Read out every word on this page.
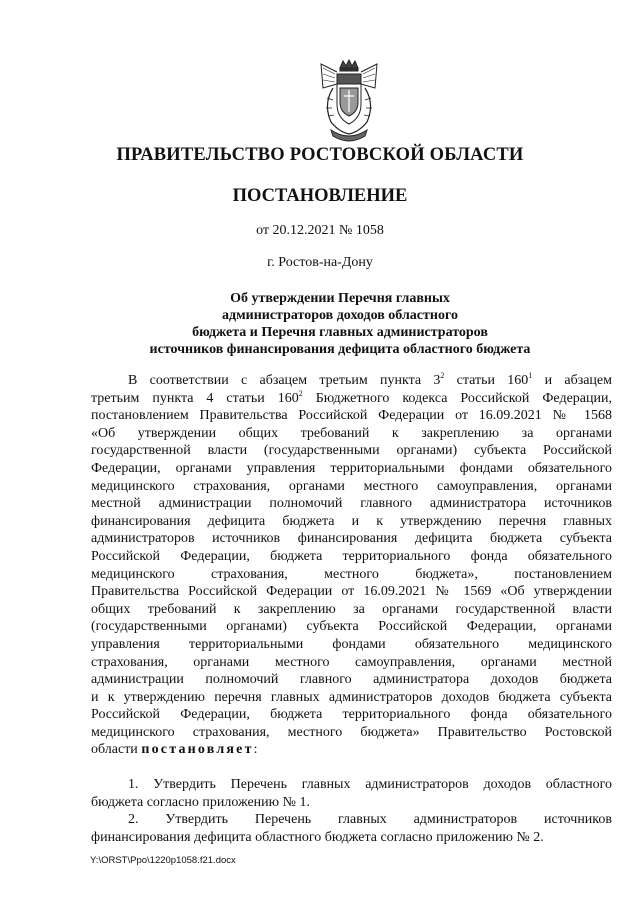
ПРАВИТЕЛЬСТВО РОСТОВСКОЙ ОБЛАСТИ
ПОСТАНОВЛЕНИЕ
от 20.12.2021 № 1058
г. Ростов-на-Дону
Об утверждении Перечня главных
администраторов доходов областного
бюджета и Перечня главных администраторов
источников финансирования дефицита областного бюджета
В соответствии с абзацем третьим пункта $3^2$ статьи $160^1$ и абзацем
третьим пункта 4 статьи $160^2$ Бюджетного кодекса Российской Федерации,
постановлением Правительства Российской Федерации от 16.09.2021 № 1568
«Об утверждении общих требований к закреплению за органами
государственной власти (государственными органами) субъекта Российской
Федерации, органами управления территориальными фондами обязательного
медицинского страхования, органами местного самоуправления, органами
местной администрации полномочий главного администратора источников
финансирования дефицита бюджета и к утверждению перечня главных
администраторов источников финансирования дефицита бюджета субъекта
Российской Федерации, бюджета территориального фонда обязательного
медицинского страхования, местного бюджета», постановлением
Правительства Российской Федерации от 16.09.2021 № 1569 «Об утверждении
общих требований к закреплению за органами государственной власти
(государственными органами) субъекта Российской Федерации, органами
управления территориальными фондами обязательного медицинского
страхования, органами местного самоуправления, органами местной
администрации полномочий главного администратора доходов бюджета
и к утверждению перечня главных администраторов доходов бюджета субъекта
Российской Федерации, бюджета территориального фонда обязательного
медицинского страхования, местного бюджета» Правительство Ростовской
области постановляет:
1. Утвердить Перечень главных администраторов доходов областного
бюджета согласно приложению № 1.
2. Утвердить Перечень главных администраторов источников
финансирования дефицита областного бюджета согласно приложению № 2.
Y:\ORST\Ppo\1220p1058.f21.docx
